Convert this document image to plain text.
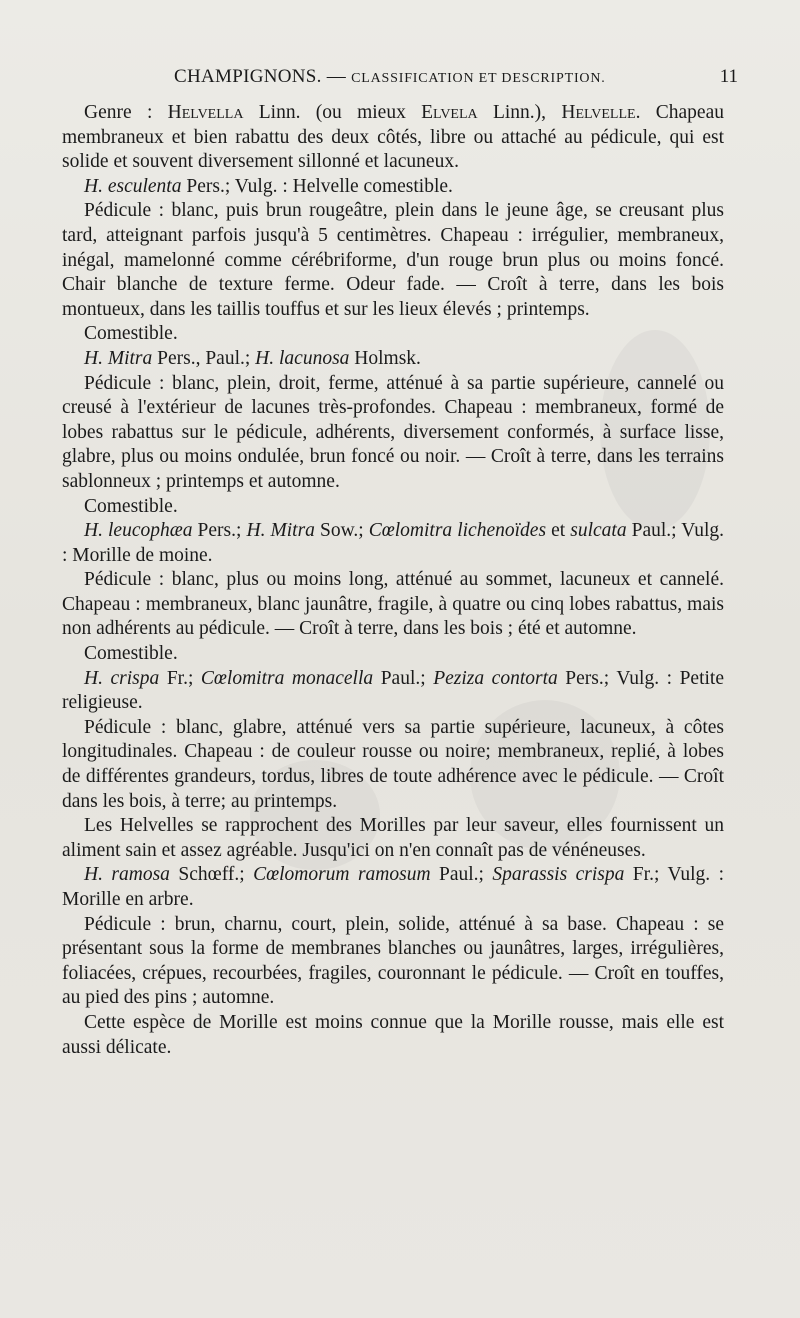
CHAMPIGNONS. — CLASSIFICATION ET DESCRIPTION.	11

Genre : Helvella Linn. (ou mieux Elvela Linn.), Helvelle. Chapeau membraneux et bien rabattu des deux côtés, libre ou attaché au pédicule, qui est solide et souvent diversement sillonné et lacuneux.

H. esculenta Pers.; Vulg. : Helvelle comestible.

Pédicule : blanc, puis brun rougeâtre, plein dans le jeune âge, se creusant plus tard, atteignant parfois jusqu'à 5 centimètres. Chapeau : irrégulier, membraneux, inégal, mamelonné comme cérébriforme, d'un rouge brun plus ou moins foncé. Chair blanche de texture ferme. Odeur fade. — Croît à terre, dans les bois montueux, dans les taillis touffus et sur les lieux élevés ; printemps.

Comestible.

H. Mitra Pers., Paul.; H. lacunosa Holmsk.

Pédicule : blanc, plein, droit, ferme, atténué à sa partie supérieure, cannelé ou creusé à l'extérieur de lacunes très-profondes. Chapeau : membraneux, formé de lobes rabattus sur le pédicule, adhérents, diversement conformés, à surface lisse, glabre, plus ou moins ondulée, brun foncé ou noir. — Croît à terre, dans les terrains sablonneux ; printemps et automne.

Comestible.

H. leucophæa Pers.; H. Mitra Sow.; Cœlomitra lichenoïdes et sulcata Paul.; Vulg. : Morille de moine.

Pédicule : blanc, plus ou moins long, atténué au sommet, lacuneux et cannelé. Chapeau : membraneux, blanc jaunâtre, fragile, à quatre ou cinq lobes rabattus, mais non adhérents au pédicule. — Croît à terre, dans les bois ; été et automne.

Comestible.

H. crispa Fr.; Cœlomitra monacella Paul.; Peziza contorta Pers.; Vulg. : Petite religieuse.

Pédicule : blanc, glabre, atténué vers sa partie supérieure, lacuneux, à côtes longitudinales. Chapeau : de couleur rousse ou noire; membraneux, replié, à lobes de différentes grandeurs, tordus, libres de toute adhérence avec le pédicule. — Croît dans les bois, à terre; au printemps.

Les Helvelles se rapprochent des Morilles par leur saveur, elles fournissent un aliment sain et assez agréable. Jusqu'ici on n'en connaît pas de vénéneuses.

H. ramosa Schœff.; Cœlomorum ramosum Paul.; Sparassis crispa Fr.; Vulg. : Morille en arbre.

Pédicule : brun, charnu, court, plein, solide, atténué à sa base. Chapeau : se présentant sous la forme de membranes blanches ou jaunâtres, larges, irrégulières, foliacées, crépues, recourbées, fragiles, couronnant le pédicule. — Croît en touffes, au pied des pins ; automne.

Cette espèce de Morille est moins connue que la Morille rousse, mais elle est aussi délicate.
